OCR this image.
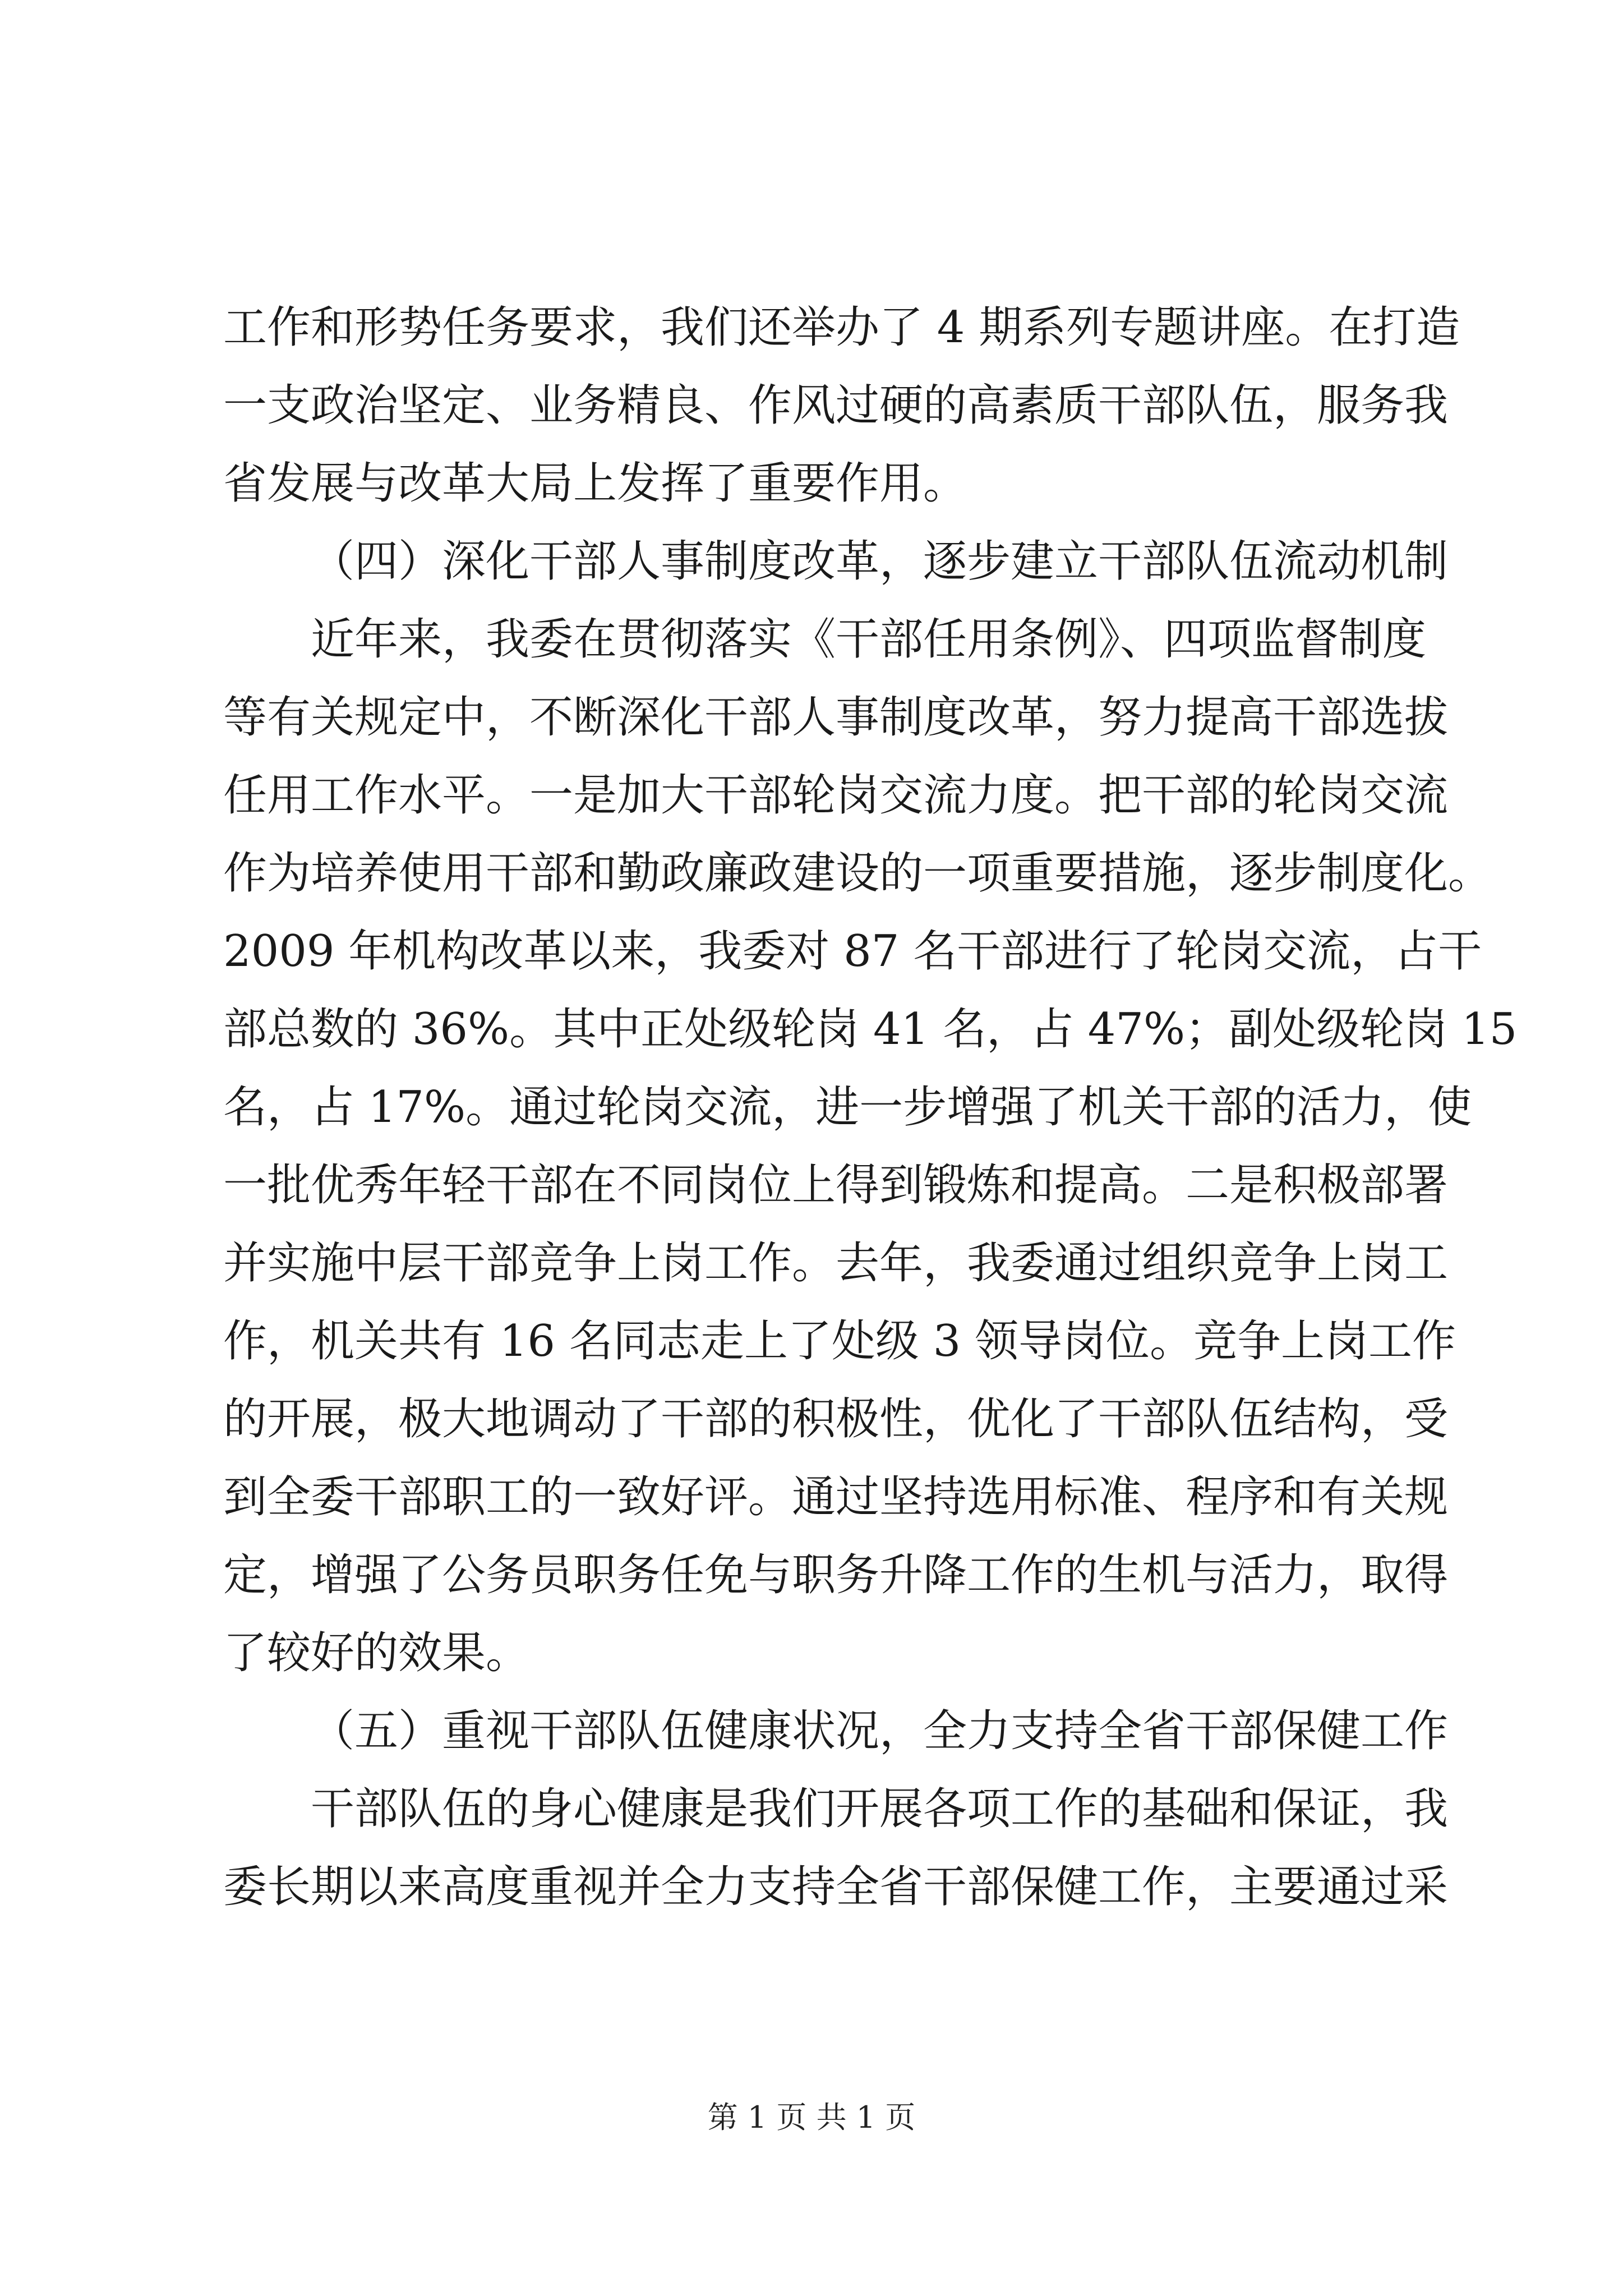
工作和形势任务要求，我们还举办了 4 期系列专题讲座。在打造
一支政治坚定、业务精良、作风过硬的高素质干部队伍，服务我
省发展与改革大局上发挥了重要作用。
（四）深化干部人事制度改革，逐步建立干部队伍流动机制
近年来，我委在贯彻落实《干部任用条例》、四项监督制度
等有关规定中，不断深化干部人事制度改革，努力提高干部选拔
任用工作水平。一是加大干部轮岗交流力度。把干部的轮岗交流
作为培养使用干部和勤政廉政建设的一项重要措施，逐步制度化。
2009 年机构改革以来，我委对 87 名干部进行了轮岗交流，占干
部总数的 36%。其中正处级轮岗 41 名，占 47%；副处级轮岗 15
名，占 17%。通过轮岗交流，进一步增强了机关干部的活力，使
一批优秀年轻干部在不同岗位上得到锻炼和提高。二是积极部署
并实施中层干部竞争上岗工作。去年，我委通过组织竞争上岗工
作，机关共有 16 名同志走上了处级 3 领导岗位。竞争上岗工作
的开展，极大地调动了干部的积极性，优化了干部队伍结构，受
到全委干部职工的一致好评。通过坚持选用标准、程序和有关规
定，增强了公务员职务任免与职务升降工作的生机与活力，取得
了较好的效果。
（五）重视干部队伍健康状况，全力支持全省干部保健工作
干部队伍的身心健康是我们开展各项工作的基础和保证，我
委长期以来高度重视并全力支持全省干部保健工作，主要通过采
第 1 页 共 1 页
